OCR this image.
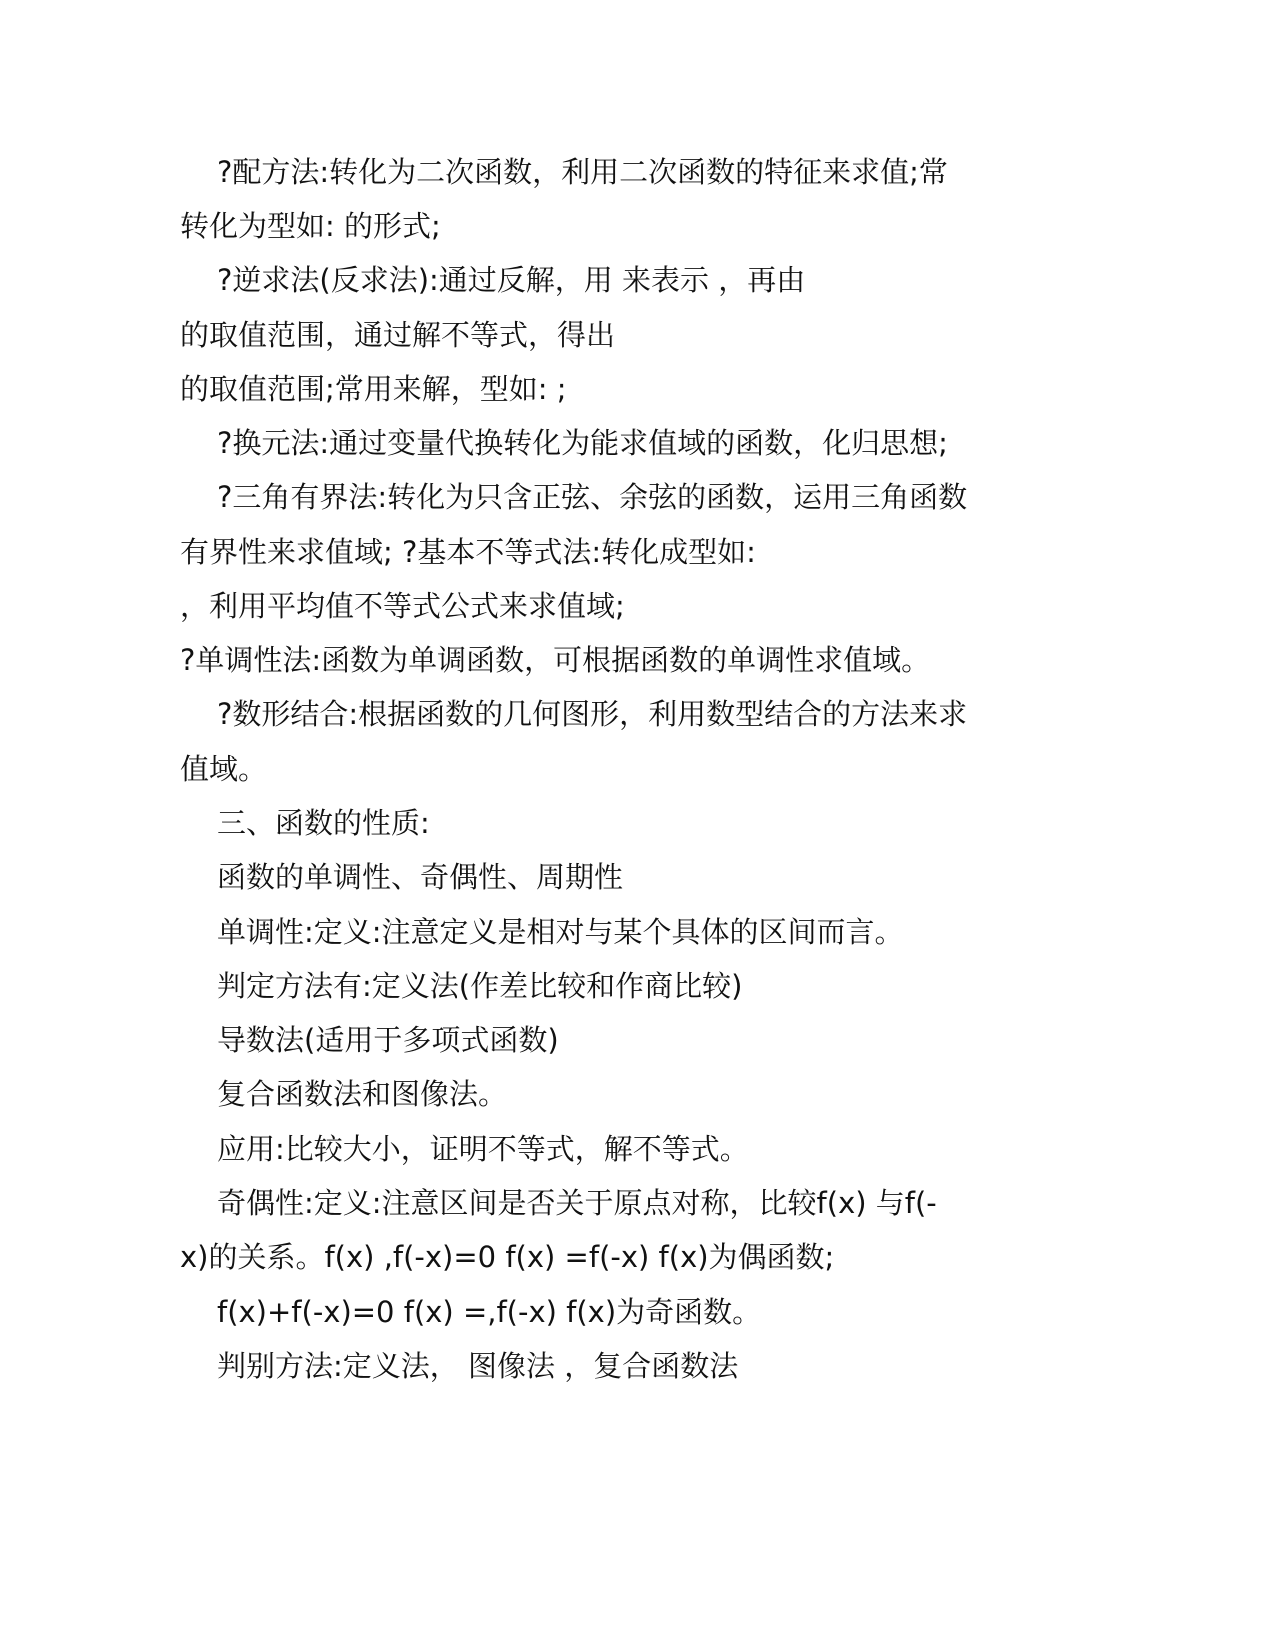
?配方法:转化为二次函数，利用二次函数的特征来求值;常
转化为型如: 的形式;
?逆求法(反求法):通过反解，用 来表示 ，再由
的取值范围，通过解不等式，得出
的取值范围;常用来解，型如: ;
?换元法:通过变量代换转化为能求值域的函数，化归思想;
?三角有界法:转化为只含正弦、余弦的函数，运用三角函数
有界性来求值域; ?基本不等式法:转化成型如:
，利用平均值不等式公式来求值域;
?单调性法:函数为单调函数，可根据函数的单调性求值域。
?数形结合:根据函数的几何图形，利用数型结合的方法来求
值域。
三、函数的性质:
函数的单调性、奇偶性、周期性
单调性:定义:注意定义是相对与某个具体的区间而言。
判定方法有:定义法(作差比较和作商比较)
导数法(适用于多项式函数)
复合函数法和图像法。
应用:比较大小，证明不等式，解不等式。
奇偶性:定义:注意区间是否关于原点对称，比较f(x) 与f(-
x)的关系。f(x) ,f(-x)=0 f(x) =f(-x) f(x)为偶函数;
f(x)+f(-x)=0 f(x) =,f(-x) f(x)为奇函数。
判别方法:定义法， 图像法 ，复合函数法
